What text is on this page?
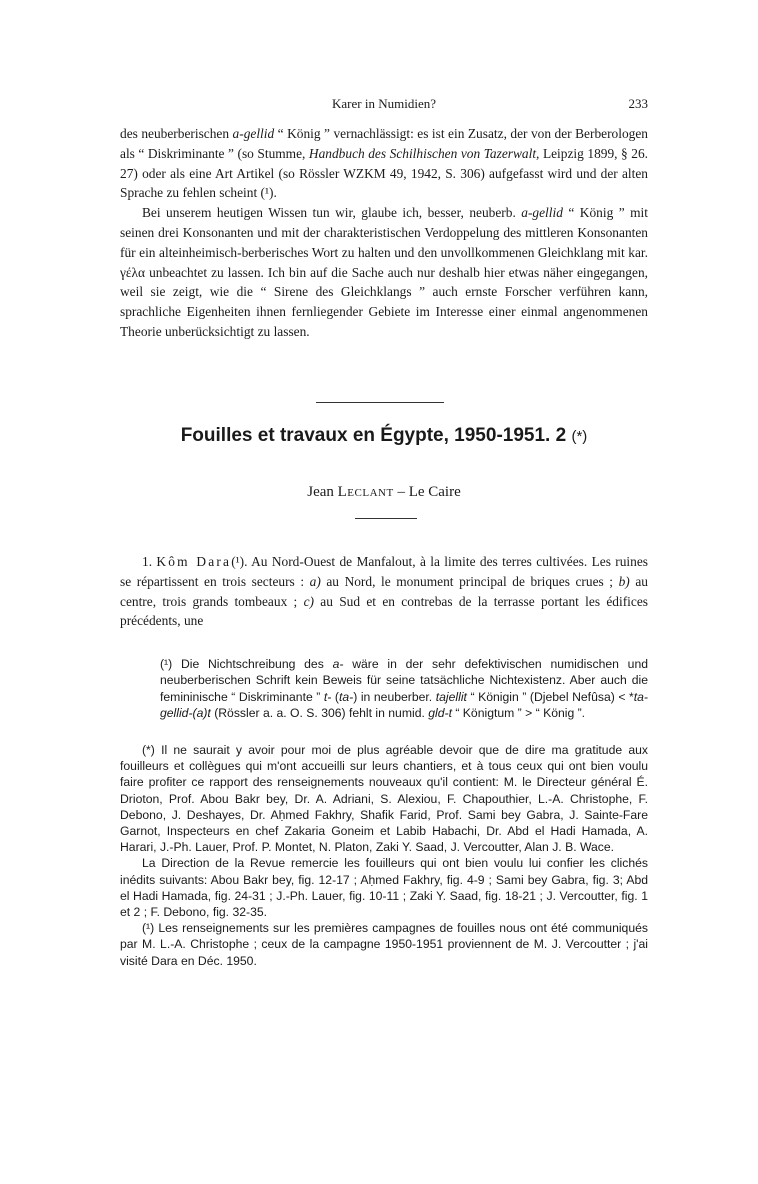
Karer in Numidien?	233

des neuberberischen a-gellid “ König ” vernachlässigt: es ist ein Zusatz, der von der Berberologen als “ Diskriminante ” (so Stumme, Handbuch des Schilhischen von Tazerwalt, Leipzig 1899, § 26. 27) oder als eine Art Artikel (so Rössler WZKM 49, 1942, S. 306) aufgefasst wird und der alten Sprache zu fehlen scheint (¹).

Bei unserem heutigen Wissen tun wir, glaube ich, besser, neuberb. a-gellid “ König ” mit seinen drei Konsonanten und mit der charakteristischen Verdoppelung des mittleren Konsonanten für ein alteinheimisch-berberisches Wort zu halten und den unvollkommenen Gleichklang mit kar. γέλα unbeachtet zu lassen. Ich bin auf die Sache auch nur deshalb hier etwas näher eingegangen, weil sie zeigt, wie die “ Sirene des Gleichklangs ” auch ernste Forscher verführen kann, sprachliche Eigenheiten ihnen fernliegender Gebiete im Interesse einer einmal angenommenen Theorie unberücksichtigt zu lassen.

Fouilles et travaux en Égypte, 1950-1951. 2 (*)
Jean Leclant – Le Caire

1. Kôm Dara(¹). Au Nord-Ouest de Manfalout, à la limite des terres cultivées. Les ruines se répartissent en trois secteurs : a) au Nord, le monument principal de briques crues ; b) au centre, trois grands tombeaux ; c) au Sud et en contrebas de la terrasse portant les édifices précédents, une

(¹) Die Nichtschreibung des a- wäre in der sehr defektivischen numidischen und neuberberischen Schrift kein Beweis für seine tatsächliche Nichtexistenz. Aber auch die femininische “ Diskriminante ” t- (ta-) in neuberber. tajellit “ Königin ” (Djebel Nefûsa) < *ta-gellid-(a)t (Rössler a. a. O. S. 306) fehlt in numid. gld-t “ Königtum ” > “ König ”.

(*) Il ne saurait y avoir pour moi de plus agréable devoir que de dire ma gratitude aux fouilleurs et collègues qui m'ont accueilli sur leurs chantiers, et à tous ceux qui ont bien voulu faire profiter ce rapport des renseignements nouveaux qu'il contient: M. le Directeur général É. Drioton, Prof. Abou Bakr bey, Dr. A. Adriani, S. Alexiou, F. Chapouthier, L.-A. Christophe, F. Debono, J. Deshayes, Dr. Aḥmed Fakhry, Shafik Farid, Prof. Sami bey Gabra, J. Sainte-Fare Garnot, Inspecteurs en chef Zakaria Goneim et Labib Habachi, Dr. Abd el Hadi Hamada, A. Harari, J.-Ph. Lauer, Prof. P. Montet, N. Platon, Zaki Y. Saad, J. Vercoutter, Alan J. B. Wace.

La Direction de la Revue remercie les fouilleurs qui ont bien voulu lui confier les clichés inédits suivants: Abou Bakr bey, fig. 12-17 ; Aḥmed Fakhry, fig. 4-9 ; Sami bey Gabra, fig. 3; Abd el Hadi Hamada, fig. 24-31 ; J.-Ph. Lauer, fig. 10-11 ; Zaki Y. Saad, fig. 18-21 ; J. Vercoutter, fig. 1 et 2 ; F. Debono, fig. 32-35.

(¹) Les renseignements sur les premières campagnes de fouilles nous ont été communiqués par M. L.-A. Christophe ; ceux de la campagne 1950-1951 proviennent de M. J. Vercoutter ; j'ai visité Dara en Déc. 1950.
